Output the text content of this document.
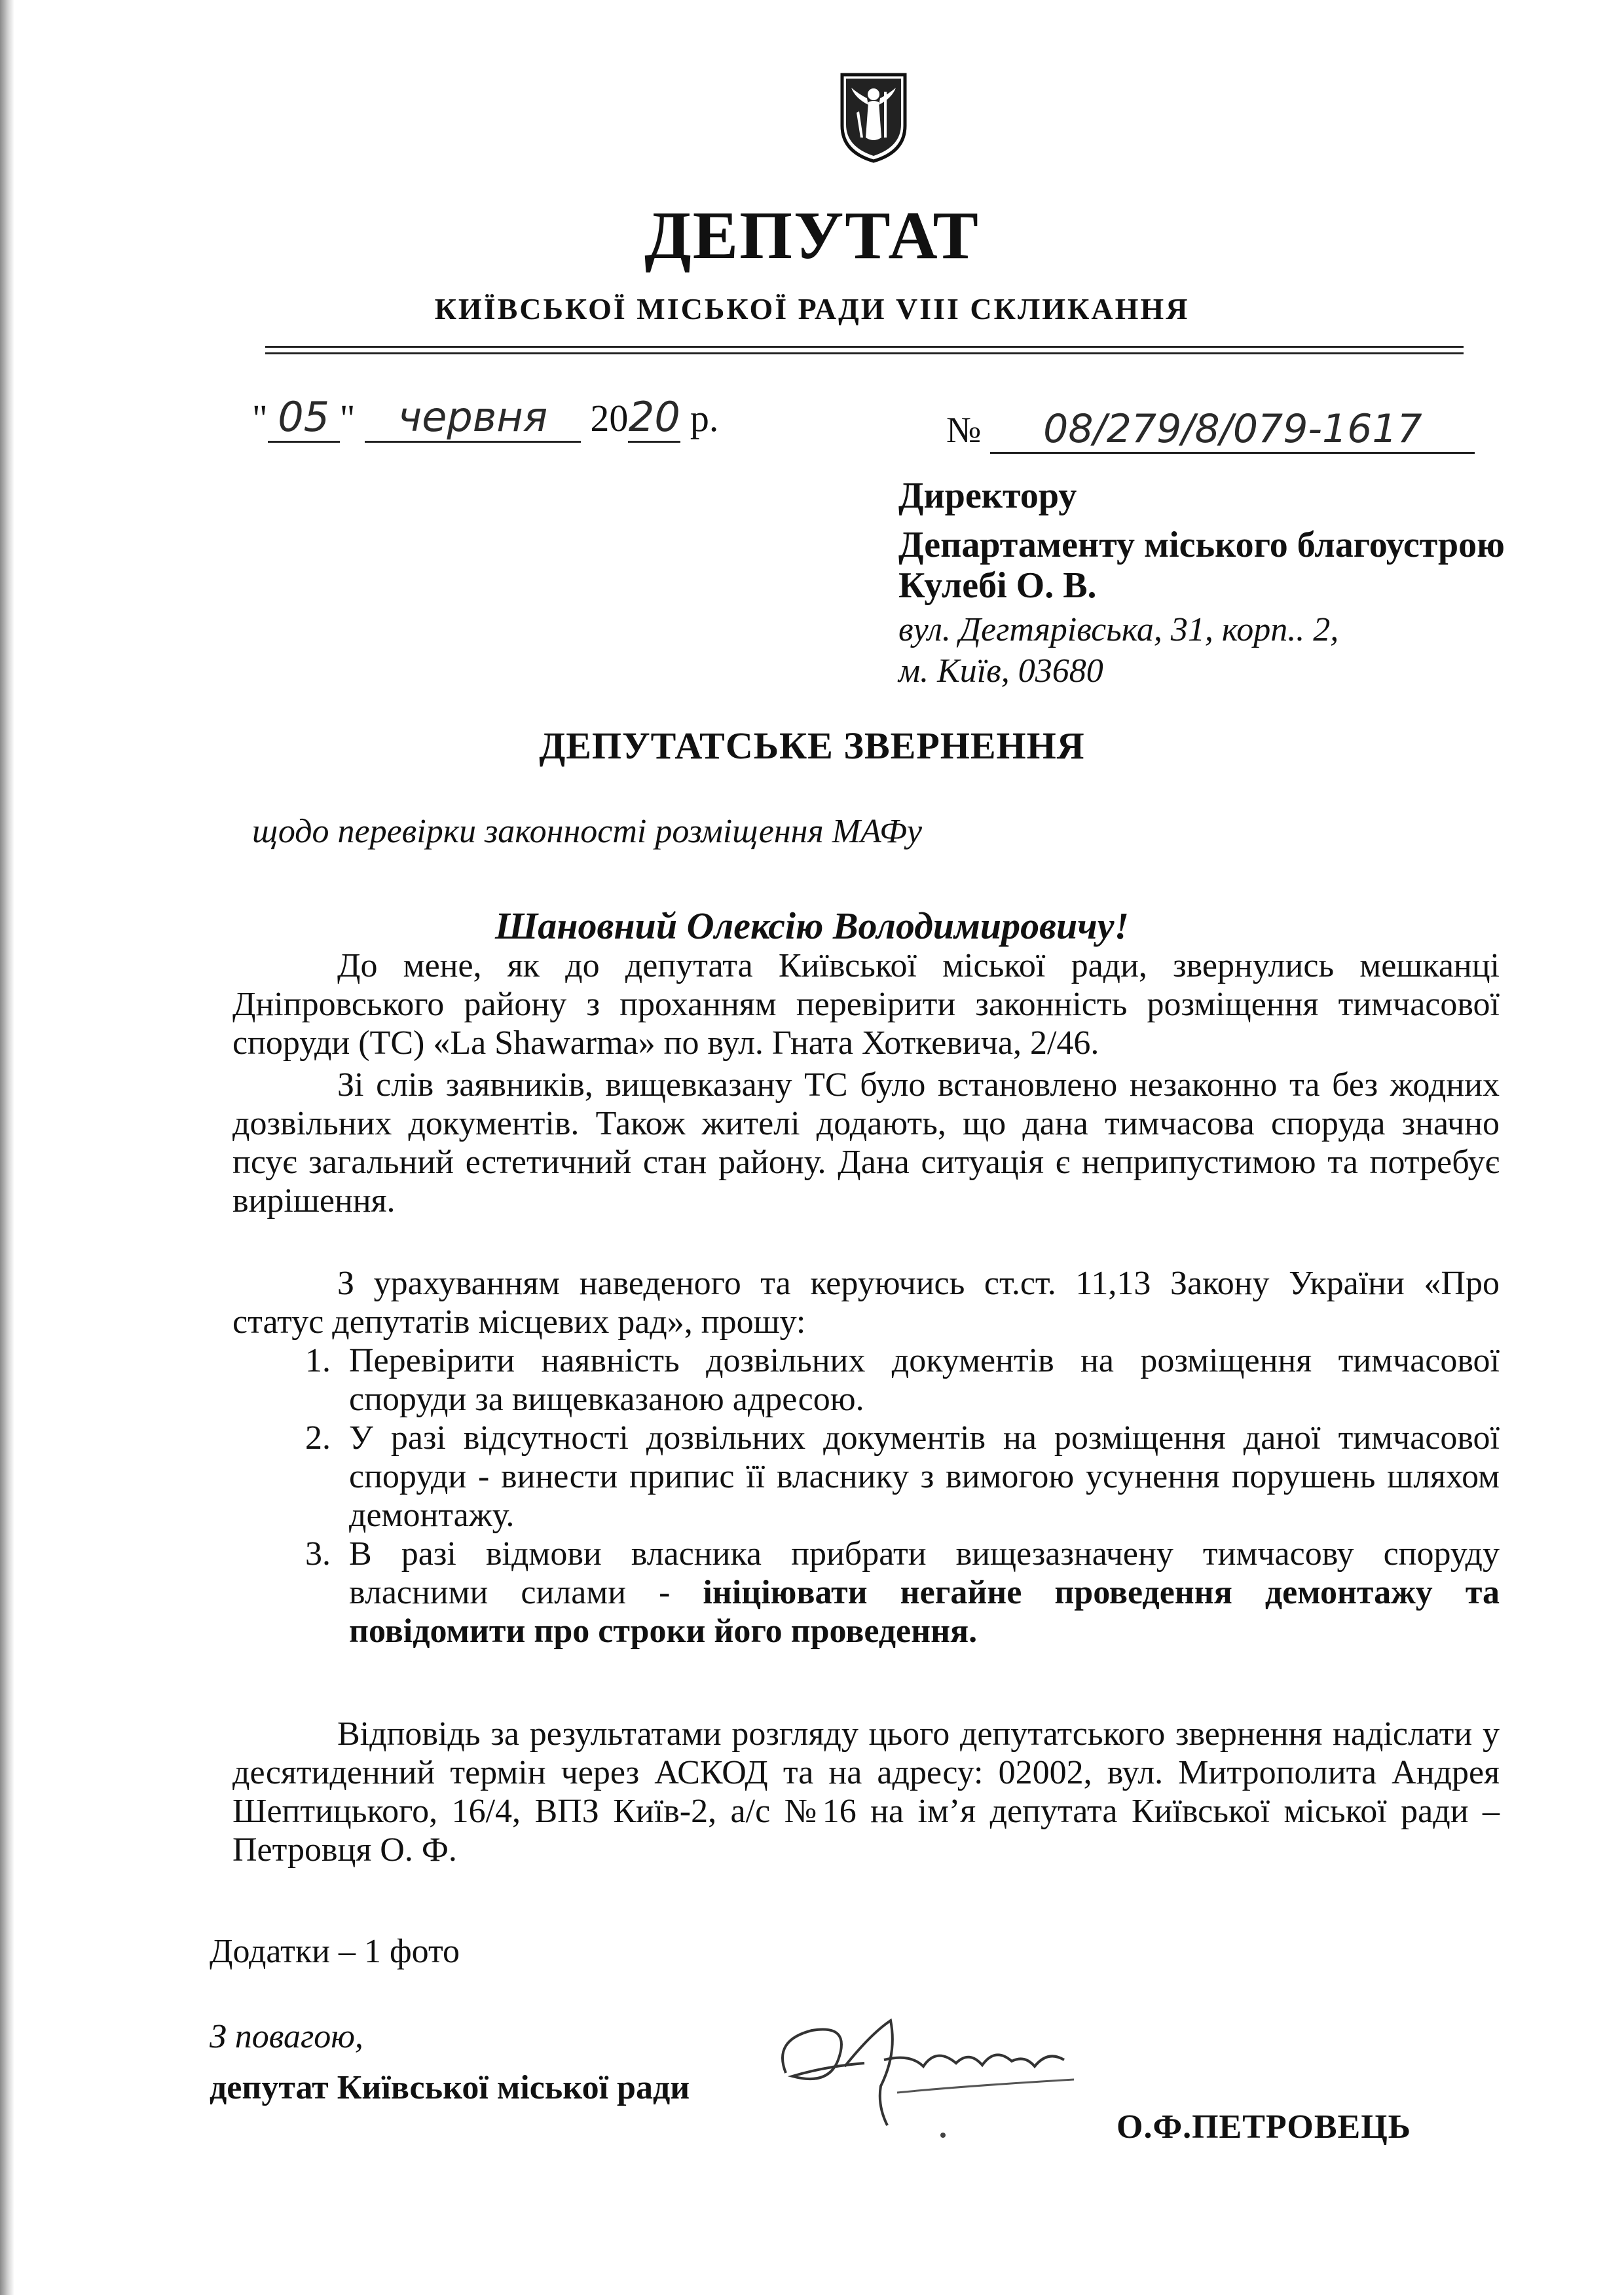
ДЕПУТАТ
КИЇВСЬКОЇ МІСЬКОЇ РАДИ VIII СКЛИКАННЯ
" 05 " червня 2020 р.	№ 08/279/8/079-1617
Директору
Департаменту міського благоустрою
Кулебі О. В.
вул. Дегтярівська, 31, корп.. 2,
м. Київ, 03680
ДЕПУТАТСЬКЕ ЗВЕРНЕННЯ
щодо перевірки законності розміщення МАФу
Шановний Олексію Володимировичу!

До мене, як до депутата Київської міської ради, звернулись мешканці Дніпровського району з проханням перевірити законність розміщення тимчасової споруди (ТС) «La Shawarma» по вул. Гната Хоткевича, 2/46.

Зі слів заявників, вищевказану ТС було встановлено незаконно та без жодних дозвільних документів. Також жителі додають, що дана тимчасова споруда значно псує загальний естетичний стан району. Дана ситуація є неприпустимою та потребує вирішення.

З урахуванням наведеного та керуючись ст.ст. 11,13 Закону України «Про статус депутатів місцевих рад», прошу:

1. Перевірити наявність дозвільних документів на розміщення тимчасової споруди за вищевказаною адресою.
2. У разі відсутності дозвільних документів на розміщення даної тимчасової споруди - винести припис її власнику з вимогою усунення порушень шляхом демонтажу.
3. В разі відмови власника прибрати вищезазначену тимчасову споруду власними силами - ініціювати негайне проведення демонтажу та повідомити про строки його проведення.

Відповідь за результатами розгляду цього депутатського звернення надіслати у десятиденний термін через АСКОД та на адресу: 02002, вул. Митрополита Андрея Шептицького, 16/4, ВПЗ Київ-2, а/с №16 на ім’я депутата Київської міської ради – Петровця О. Ф.

Додатки – 1 фото
З повагою,
депутат Київської міської ради
О.Ф.ПЕТРОВЕЦЬ
